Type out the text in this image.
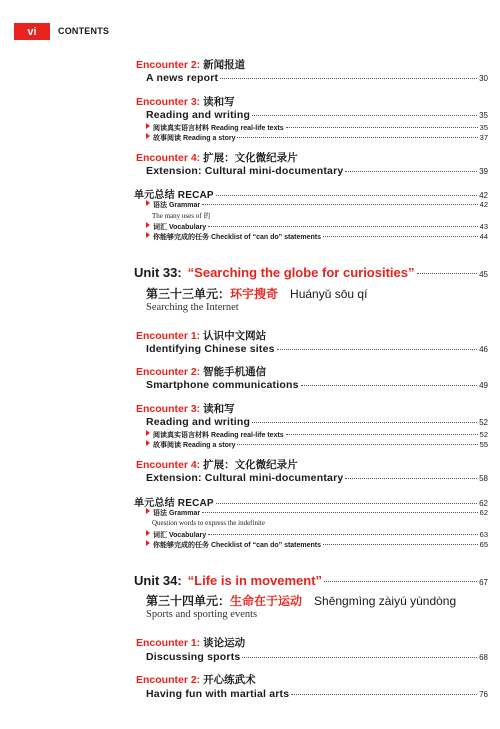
vi CONTENTS
Encounter 2: 新闻报道
A news report	30
Encounter 3: 读和写
Reading and writing	35
阅读真实语言材料 Reading real-life texts	35
故事阅读 Reading a story	37
Encounter 4: 扩展：文化微纪录片
Extension: Cultural mini-documentary	39
单元总结 RECAP	42
语法 Grammar	42
The many uses of 的
词汇 Vocabulary	43
你能够完成的任务 Checklist of “can do” statements	44
Unit 33: “Searching the globe for curiosities”	45
第三十三单元：环宇搜奇 Huányǔ sōu qí
Searching the Internet
Encounter 1: 认识中文网站
Identifying Chinese sites	46
Encounter 2: 智能手机通信
Smartphone communications	49
Encounter 3: 读和写
Reading and writing	52
阅读真实语言材料 Reading real-life texts	52
故事阅读 Reading a story	55
Encounter 4: 扩展：文化微纪录片
Extension: Cultural mini-documentary	58
单元总结 RECAP	62
语法 Grammar	62
Question words to express the indefinite
词汇 Vocabulary	63
你能够完成的任务 Checklist of “can do” statements	65
Unit 34: “Life is in movement”	67
第三十四单元：生命在于运动 Shēngmìng zàiyú yùndòng
Sports and sporting events
Encounter 1: 谈论运动
Discussing sports	68
Encounter 2: 开心练武术
Having fun with martial arts	76
